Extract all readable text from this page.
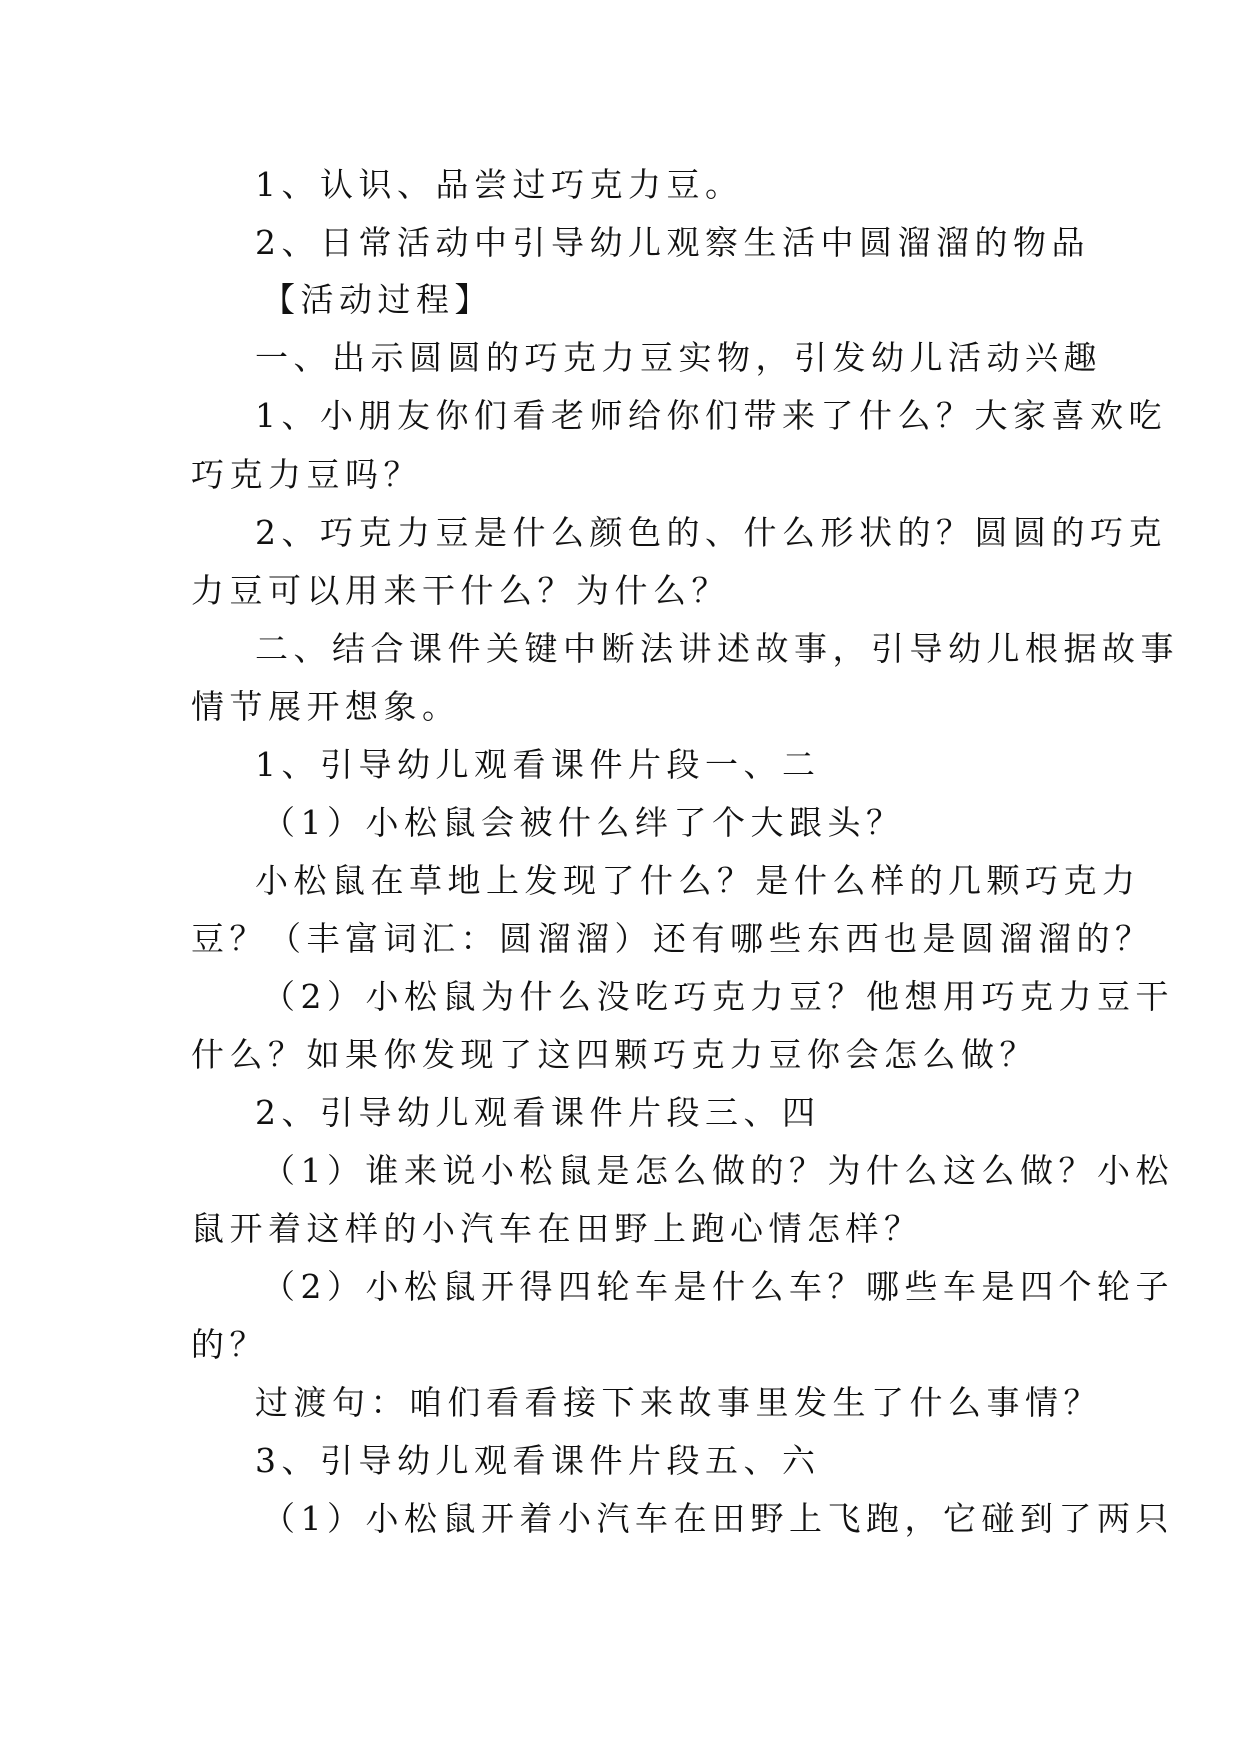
1、认识、品尝过巧克力豆。
2、日常活动中引导幼儿观察生活中圆溜溜的物品
【活动过程】
一、出示圆圆的巧克力豆实物，引发幼儿活动兴趣
1、小朋友你们看老师给你们带来了什么？大家喜欢吃
巧克力豆吗？
2、巧克力豆是什么颜色的、什么形状的？圆圆的巧克
力豆可以用来干什么？为什么？
二、结合课件关键中断法讲述故事，引导幼儿根据故事
情节展开想象。
1、引导幼儿观看课件片段一、二
（1）小松鼠会被什么绊了个大跟头？
小松鼠在草地上发现了什么？是什么样的几颗巧克力
豆？（丰富词汇：圆溜溜）还有哪些东西也是圆溜溜的？
（2）小松鼠为什么没吃巧克力豆？他想用巧克力豆干
什么？如果你发现了这四颗巧克力豆你会怎么做？
2、引导幼儿观看课件片段三、四
（1）谁来说小松鼠是怎么做的？为什么这么做？小松
鼠开着这样的小汽车在田野上跑心情怎样？
（2）小松鼠开得四轮车是什么车？哪些车是四个轮子
的？
过渡句：咱们看看接下来故事里发生了什么事情？
3、引导幼儿观看课件片段五、六
（1）小松鼠开着小汽车在田野上飞跑，它碰到了两只
